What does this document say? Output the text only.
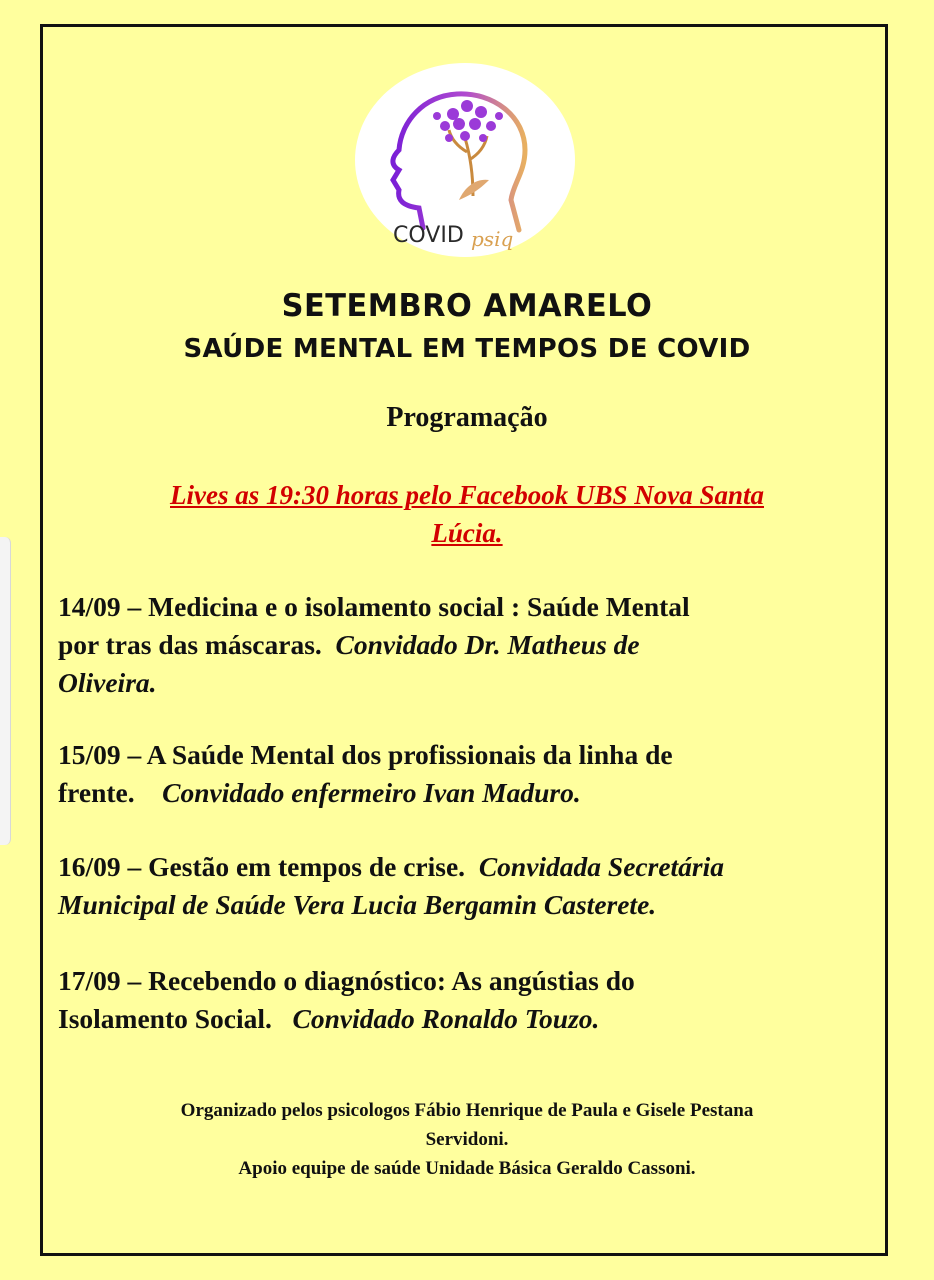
COVID psiq
SETEMBRO AMARELO
SAÚDE MENTAL EM TEMPOS DE COVID
Programação
Lives as 19:30 horas pelo Facebook UBS Nova Santa
Lúcia.
14/09 – Medicina e o isolamento social : Saúde Mental
por tras das máscaras.  Convidado Dr. Matheus de
Oliveira.
15/09 – A Saúde Mental dos profissionais da linha de
frente.    Convidado enfermeiro Ivan Maduro.
16/09 – Gestão em tempos de crise.  Convidada Secretária
Municipal de Saúde Vera Lucia Bergamin Casterete.
17/09 – Recebendo o diagnóstico: As angústias do
Isolamento Social.   Convidado Ronaldo Touzo.
Organizado pelos psicologos Fábio Henrique de Paula e Gisele Pestana
Servidoni.
Apoio equipe de saúde Unidade Básica Geraldo Cassoni.
